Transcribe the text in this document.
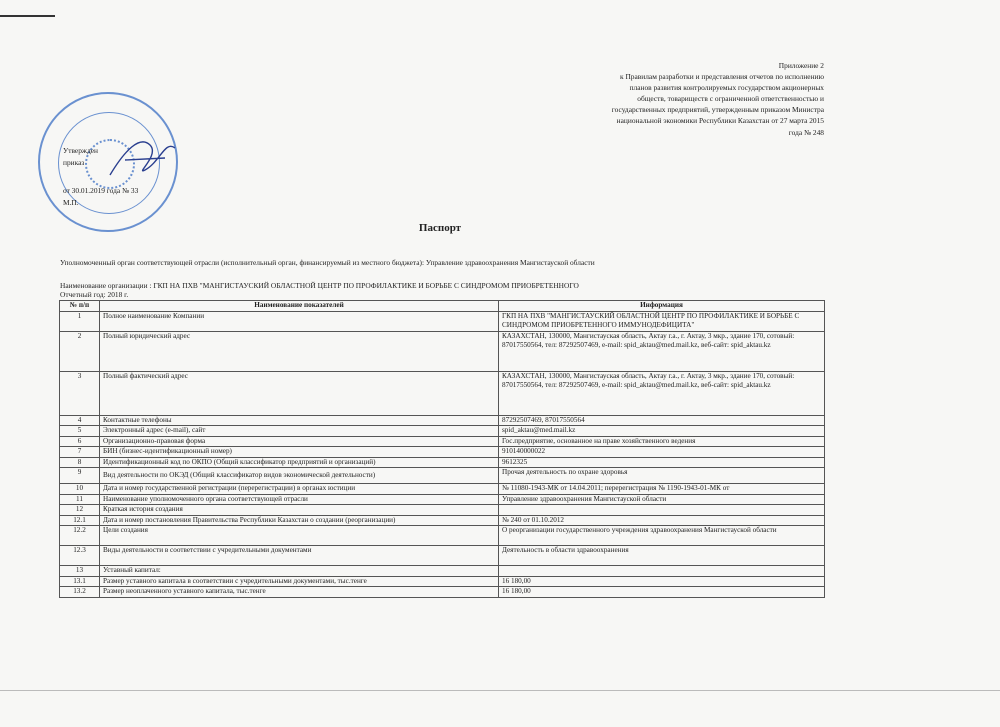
Приложение 2
к Правилам разработки и представления отчетов по исполнению
планов развития контролируемых государством акционерных
обществ, товариществ с ограниченной ответственностью и
государственных предприятий, утвержденным приказом Министра
национальной экономики Республики Казахстан от 27 марта 2015
года № 248
Утвержден
приказ
от 30.01.2019 года № 33
М.П.
Паспорт
Уполномоченный орган соответствующей отрасли (исполнительный орган, финансируемый из местного бюджета): Управление здравоохранения Мангистауской области
Наименование организации : ГКП НА ПХВ "МАНГИСТАУСКИЙ ОБЛАСТНОЙ ЦЕНТР ПО ПРОФИЛАКТИКЕ И БОРЬБЕ С СИНДРОМОМ ПРИОБРЕТЕННОГО
Отчетный год: 2018 г.
№ п/п	Наименование показателей	Информация
1	Полное наименование Компании	ГКП НА ПХВ "МАНГИСТАУСКИЙ ОБЛАСТНОЙ ЦЕНТР ПО ПРОФИЛАКТИКЕ И БОРЬБЕ С СИНДРОМОМ ПРИОБРЕТЕННОГО ИММУНОДЕФИЦИТА"
2	Полный юридический адрес	КАЗАХСТАН, 130000, Мангистауская область, Актау г.а., г. Актау, 3 мкр., здание 170, сотовый: 87017550564, тел: 87292507469, e-mail: spid_aktau@med.mail.kz, веб-сайт: spid_aktau.kz
3	Полный фактический адрес	КАЗАХСТАН, 130000, Мангистауская область, Актау г.а., г. Актау, 3 мкр., здание 170, сотовый: 87017550564, тел: 87292507469, e-mail: spid_aktau@med.mail.kz, веб-сайт: spid_aktau.kz
4	Контактные телефоны	87292507469, 87017550564
5	Электронный адрес (e-mail), сайт	spid_aktau@med.mail.kz
6	Организационно-правовая форма	Гос.предприятие, основанное на праве хозяйственного ведения
7	БИН (бизнес-идентификационный номер)	910140000022
8	Идентификационный код по ОКПО (Общий классификатор предприятий и организаций)	9612325
9	Вид деятельности по ОКЭД (Общий классификатор видов экономической деятельности)	Прочая деятельность по охране здоровья
10	Дата и номер государственной регистрации (перерегистрации) в органах юстиции	№ 11080-1943-МК от 14.04.2011; перерегистрация № 1190-1943-01-МК от
11	Наименование уполномоченного органа соответствующей отрасли	Управление здравоохранения Мангистауской области
12	Краткая история создания	
12.1	Дата и номер постановления Правительства Республики Казахстан о создании (реорганизации)	№ 240 от 01.10.2012
12.2	Цели создания	О реорганизации государственного учреждения здравоохранения Мангистауской области
12.3	Виды деятельности в соответствии с учредительными документами	Деятельность в области здравоохранения
13	Уставный капитал:	
13.1	Размер уставного капитала в соответствии с учредительными документами, тыс.тенге	16 180,00
13.2	Размер неоплаченного уставного капитала, тыс.тенге	16 180,00
